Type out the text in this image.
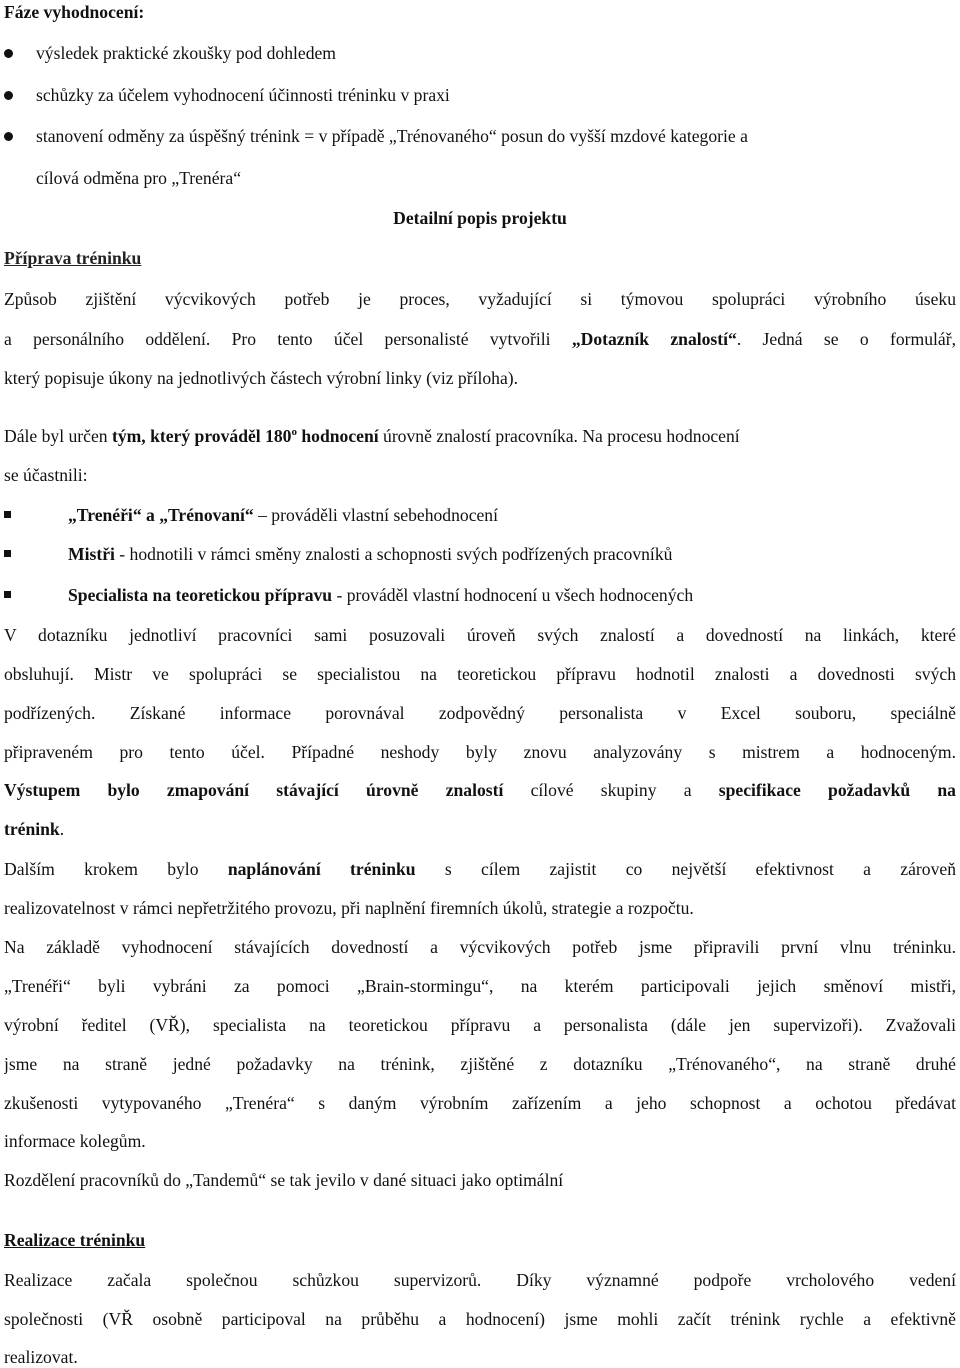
Fáze vyhodnocení:
výsledek praktické zkoušky pod dohledem
schůzky za účelem vyhodnocení účinnosti tréninku v praxi
stanovení odměny za úspěšný trénink = v případě „Trénovaného“ posun do vyšší mzdové kategorie a
cílová odměna pro „Trenéra“
Detailní popis projektu
Příprava tréninku
Způsob zjištění výcvikových potřeb je proces, vyžadující si týmovou spolupráci výrobního úseku
a personálního oddělení. Pro tento účel personalisté vytvořili „Dotazník znalostí“. Jedná se o formulář,
který popisuje úkony na jednotlivých částech výrobní linky (viz příloha).
Dále byl určen tým, který prováděl 180$^o$ hodnocení úrovně znalostí pracovníka. Na procesu hodnocení
se účastnili:
„Trenéři“ a „Trénovaní“ – prováděli vlastní sebehodnocení
Mistři - hodnotili v rámci směny znalosti a schopnosti svých podřízených pracovníků
Specialista na teoretickou přípravu - prováděl vlastní hodnocení u všech hodnocených
V dotazníku jednotliví pracovníci sami posuzovali úroveň svých znalostí a dovedností na linkách, které
obsluhují. Mistr ve spolupráci se specialistou na teoretickou přípravu hodnotil znalosti a dovednosti svých
podřízených. Získané informace porovnával zodpovědný personalista v Excel souboru, speciálně
připraveném pro tento účel. Případné neshody byly znovu analyzovány s mistrem a hodnoceným.
Výstupem bylo zmapování stávající úrovně znalostí cílové skupiny a specifikace požadavků na
trénink.
Dalším krokem bylo naplánování tréninku s cílem zajistit co největší efektivnost a zároveň
realizovatelnost v rámci nepřetržitého provozu, při naplnění firemních úkolů, strategie a rozpočtu.
Na základě vyhodnocení stávajících dovedností a výcvikových potřeb jsme připravili první vlnu tréninku.
„Trenéři“ byli vybráni za pomoci „Brain-stormingu“, na kterém participovali jejich směnoví mistři,
výrobní ředitel (VŘ), specialista na teoretickou přípravu a personalista (dále jen supervizoři). Zvažovali
jsme na straně jedné požadavky na trénink, zjištěné z dotazníku „Trénovaného“, na straně druhé
zkušenosti vytypovaného „Trenéra“ s daným výrobním zařízením a jeho schopnost a ochotou předávat
informace kolegům.
Rozdělení pracovníků do „Tandemů“ se tak jevilo v dané situaci jako optimální
Realizace tréninku
Realizace začala společnou schůzkou supervizorů. Díky významné podpoře vrcholového vedení
společnosti (VŘ osobně participoval na průběhu a hodnocení) jsme mohli začít trénink rychle a efektivně
realizovat.
